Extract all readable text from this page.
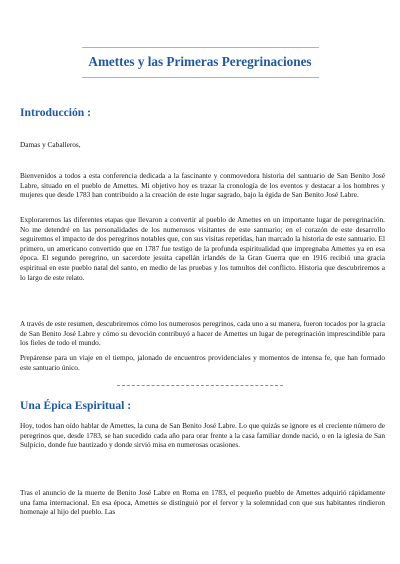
Amettes y las Primeras Peregrinaciones
Introducción :

Damas y Caballeros,

Bienvenidos a todos a esta conferencia dedicada a la fascinante y conmovedora historia del santuario de San Benito José Labre, situado en el pueblo de Amettes. Mi objetivo hoy es trazar la cronología de los eventos y destacar a los hombres y mujeres que desde 1783 han contribuido a la creación de este lugar sagrado, bajo la égida de San Benito José Labre.

Exploraremos las diferentes etapas que llevaron a convertir al pueblo de Amettes en un importante lugar de peregrinación. No me detendré en las personalidades de los numerosos visitantes de este santuario; en el corazón de este desarrollo seguiremos el impacto de dos peregrinos notables que, con sus visitas repetidas, han marcado la historia de este santuario. El primero, un americano convertido que en 1787 fue testigo de la profunda espiritualidad que impregnaba Amettes ya en esa época. El segundo peregrino, un sacerdote jesuita capellán irlandés de la Gran Guerra que en 1916 recibió una gracia espiritual en este pueblo natal del santo, en medio de las pruebas y los tumultos del conflicto. Historia que descubriremos a lo largo de este relato.

A través de este resumen, descubriremos cómo los numerosos peregrinos, cada uno a su manera, fueron tocados por la gracia de San Benito José Labre y cómo su devoción contribuyó a hacer de Amettes un lugar de peregrinación imprescindible para los fieles de todo el mundo.

Prepárense para un viaje en el tiempo, jalonado de encuentros providenciales y momentos de intensa fe, que han formado este santuario único.

Una Épica Espiritual :

Hoy, todos han oído hablar de Amettes, la cuna de San Benito José Labre. Lo que quizás se ignore es el creciente número de peregrinos que, desde 1783, se han sucedido cada año para orar frente a la casa familiar donde nació, o en la iglesia de San Sulpicio, donde fue bautizado y donde sirvió misa en numerosas ocasiones.

Tras el anuncio de la muerte de Benito José Labre en Roma en 1783, el pequeño pueblo de Amettes adquirió rápidamente una fama internacional. En esa época, Amettes se distinguió por el fervor y la solemnidad con que sus habitantes rindieron homenaje al hijo del pueblo. Las
